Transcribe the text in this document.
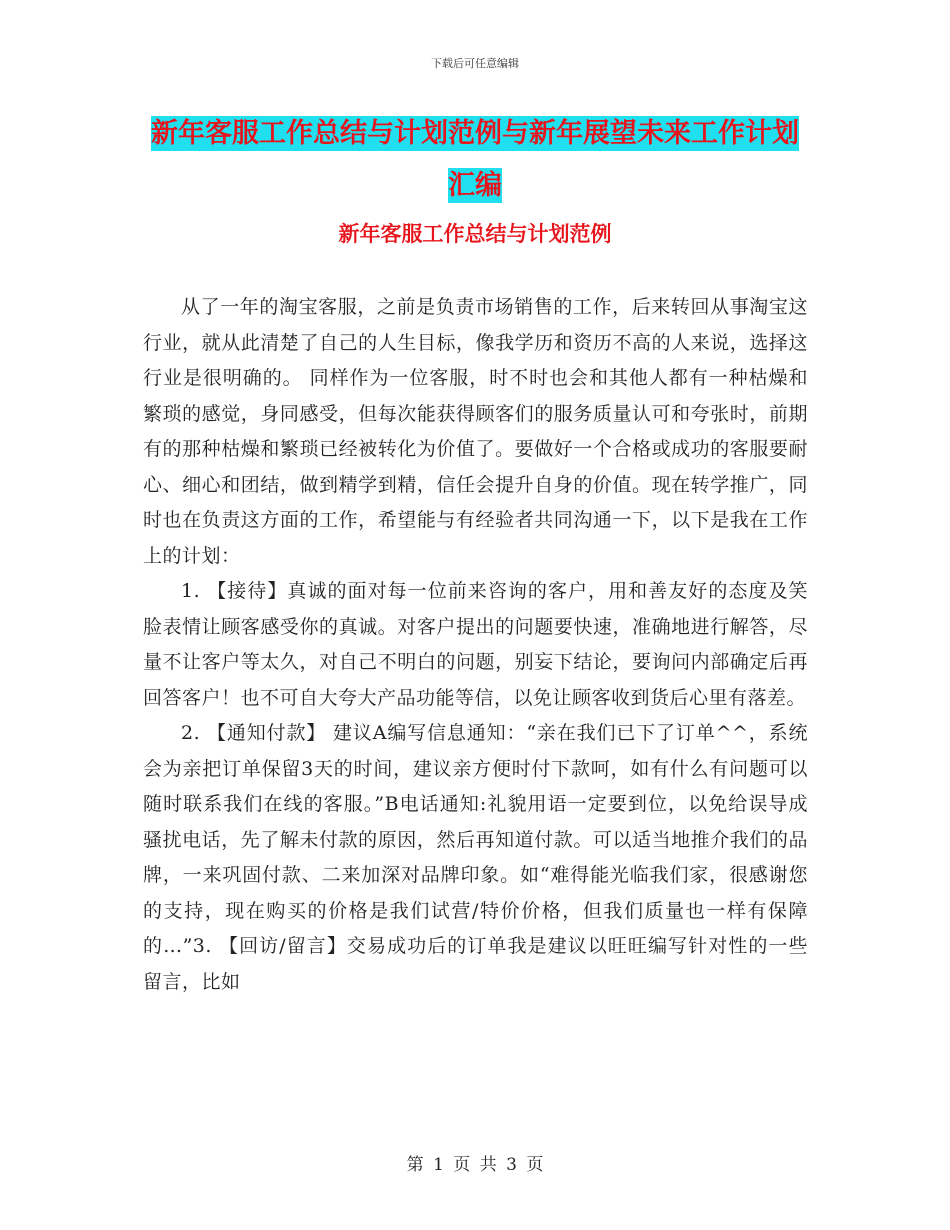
下载后可任意编辑
新年客服工作总结与计划范例与新年展望未来工作计划汇编
新年客服工作总结与计划范例

从了一年的淘宝客服，之前是负责市场销售的工作，后来转回从事淘宝这行业，就从此清楚了自己的人生目标，像我学历和资历不高的人来说，选择这行业是很明确的。 同样作为一位客服，时不时也会和其他人都有一种枯燥和繁琐的感觉，身同感受，但每次能获得顾客们的服务质量认可和夸张时，前期有的那种枯燥和繁琐已经被转化为价值了。要做好一个合格或成功的客服要耐心、细心和团结，做到精学到精，信任会提升自身的价值。现在转学推广，同时也在负责这方面的工作，希望能与有经验者共同沟通一下，以下是我在工作上的计划：

1. 【接待】真诚的面对每一位前来咨询的客户，用和善友好的态度及笑脸表情让顾客感受你的真诚。对客户提出的问题要快速，准确地进行解答，尽量不让客户等太久，对自己不明白的问题，别妄下结论，要询问内部确定后再回答客户！也不可自大夸大产品功能等信，以免让顾客收到货后心里有落差。

2. 【通知付款】 建议A编写信息通知：“亲在我们已下了订单^^，系统会为亲把订单保留3天的时间，建议亲方便时付下款呵，如有什么有问题可以随时联系我们在线的客服。”B电话通知:礼貌用语一定要到位，以免给误导成骚扰电话，先了解未付款的原因，然后再知道付款。可以适当地推介我们的品牌，一来巩固付款、二来加深对品牌印象。如“难得能光临我们家，很感谢您的支持，现在购买的价格是我们试营/特价价格，但我们质量也一样有保障的…”3. 【回访/留言】交易成功后的订单我是建议以旺旺编写针对性的一些留言，比如

第 1 页 共 3 页
